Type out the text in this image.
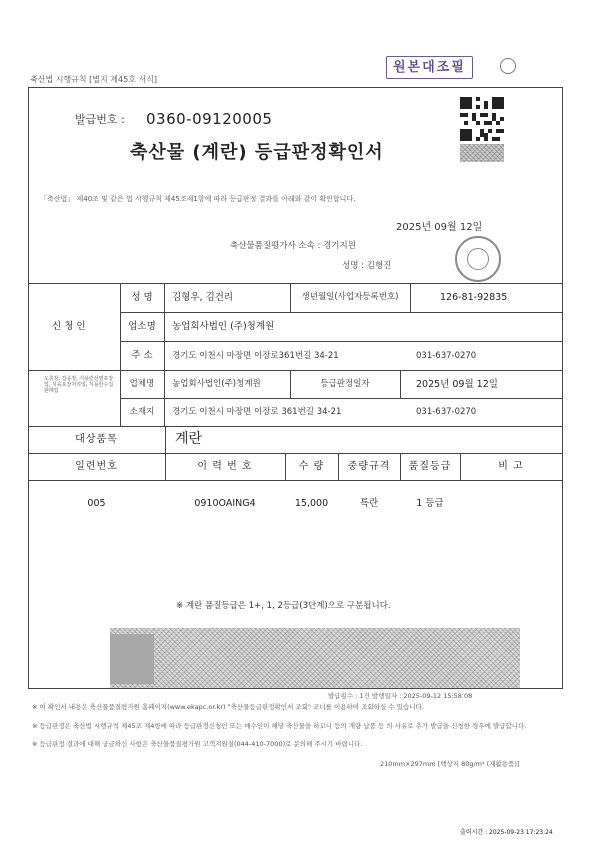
축산법 시행규칙 [별지 제45호 서식]
원본대조필
발급번호 : 0360-09120005
축산물 (계란) 등급판정확인서
「축산법」 제40조 및 같은 법 시행규칙 제45조제1항에 따라 등급판정 결과를 아래와 같이 확인합니다.
2025년 09월 12일
축산물품질평가사 소속 : 경기지원
성명 : 김형진
신 청 인
성 명	김형우, 김건리	생년월일(사업자등록번호)	126-81-92835
업소명	농업회사법인 (주)청계원
주 소	경기도 이천시 마장면 이장로361번길 34-21	031-637-0270
도축장, 집유장, 식용란선별포장업, 식육포장처리업, 식용란수집판매업
업체명	농업회사법인(주)청계원	등급판정일자	2025년 09월 12일
소재지	경기도 이천시 마장면 이장로 361번길 34-21	031-637-0270
대상품목	계란
일련번호	이 력 번 호	수 량	중량규격	품질등급	비 고
005	0910OAING4	15,000	특란	1 등급
※ 계란 품질등급은 1+, 1, 2등급(3단계)으로 구분됩니다.
발급횟수 : 1건 발행일자 : 2025-09-12 15:58 08
※ 이 확인서 내용은 축산물품질평가원 홈페이지(www.ekapc.or.kr) "축산물등급판정확인서 조회" 코너를 이용하여 조회하실 수 있습니다.
※ 등급판정은 축산법 시행규칙 제45조 제4항에 따라 등급판정신청인 또는 매수인이 해당 축산물을 하꼬니 등의 개량 납품 등 의 사유로 추가 발급을 신청한 경우에 발급합니다.
※ 등급판정 결과에 대해 궁금하신 사항은 축산물품질평가원 고객지원실(044-410-7000)로 문의해 주시기 바랍니다.
210mm×297mm [백상지 80g/m² (재활용품)]
출력시간 : 2025-09-23 17:23:24
